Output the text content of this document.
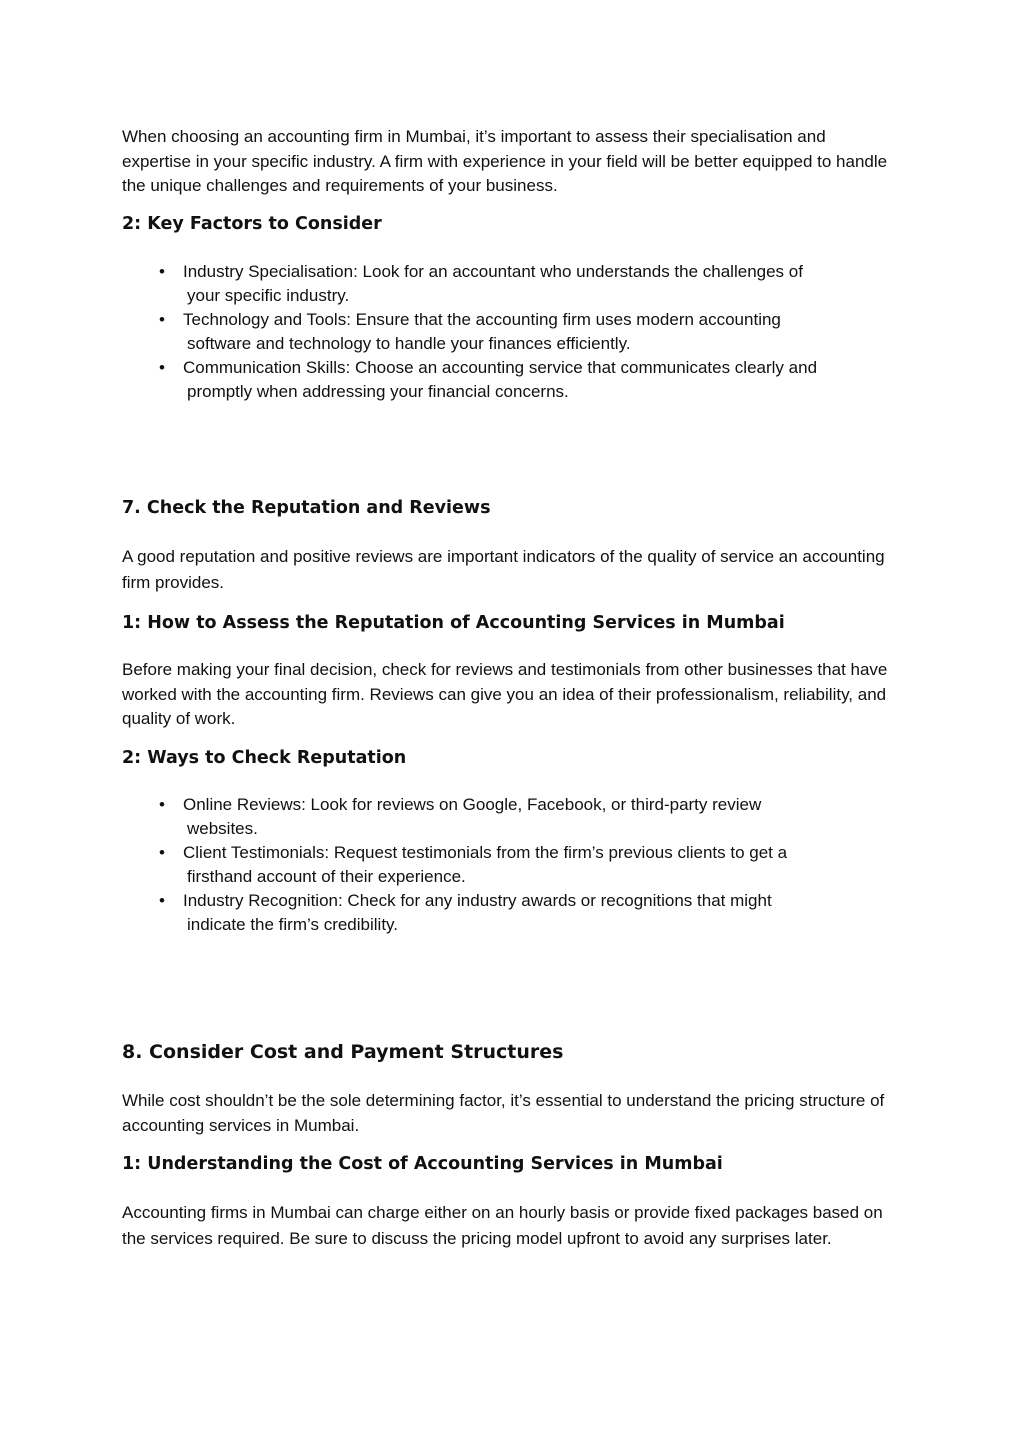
When choosing an accounting firm in Mumbai, it’s important to assess their specialisation and expertise in your specific industry. A firm with experience in your field will be better equipped to handle the unique challenges and requirements of your business.

2: Key Factors to Consider
• Industry Specialisation: Look for an accountant who understands the challenges of
your specific industry.
• Technology and Tools: Ensure that the accounting firm uses modern accounting
software and technology to handle your finances efficiently.
• Communication Skills: Choose an accounting service that communicates clearly and
promptly when addressing your financial concerns.
7. Check the Reputation and Reviews

A good reputation and positive reviews are important indicators of the quality of service an accounting firm provides.

1: How to Assess the Reputation of Accounting Services in Mumbai

Before making your final decision, check for reviews and testimonials from other businesses that have worked with the accounting firm. Reviews can give you an idea of their professionalism, reliability, and quality of work.

2: Ways to Check Reputation
• Online Reviews: Look for reviews on Google, Facebook, or third-party review
websites.
• Client Testimonials: Request testimonials from the firm’s previous clients to get a
firsthand account of their experience.
• Industry Recognition: Check for any industry awards or recognitions that might
indicate the firm’s credibility.
8. Consider Cost and Payment Structures

While cost shouldn’t be the sole determining factor, it’s essential to understand the pricing structure of accounting services in Mumbai.

1: Understanding the Cost of Accounting Services in Mumbai

Accounting firms in Mumbai can charge either on an hourly basis or provide fixed packages based on the services required. Be sure to discuss the pricing model upfront to avoid any surprises later.
